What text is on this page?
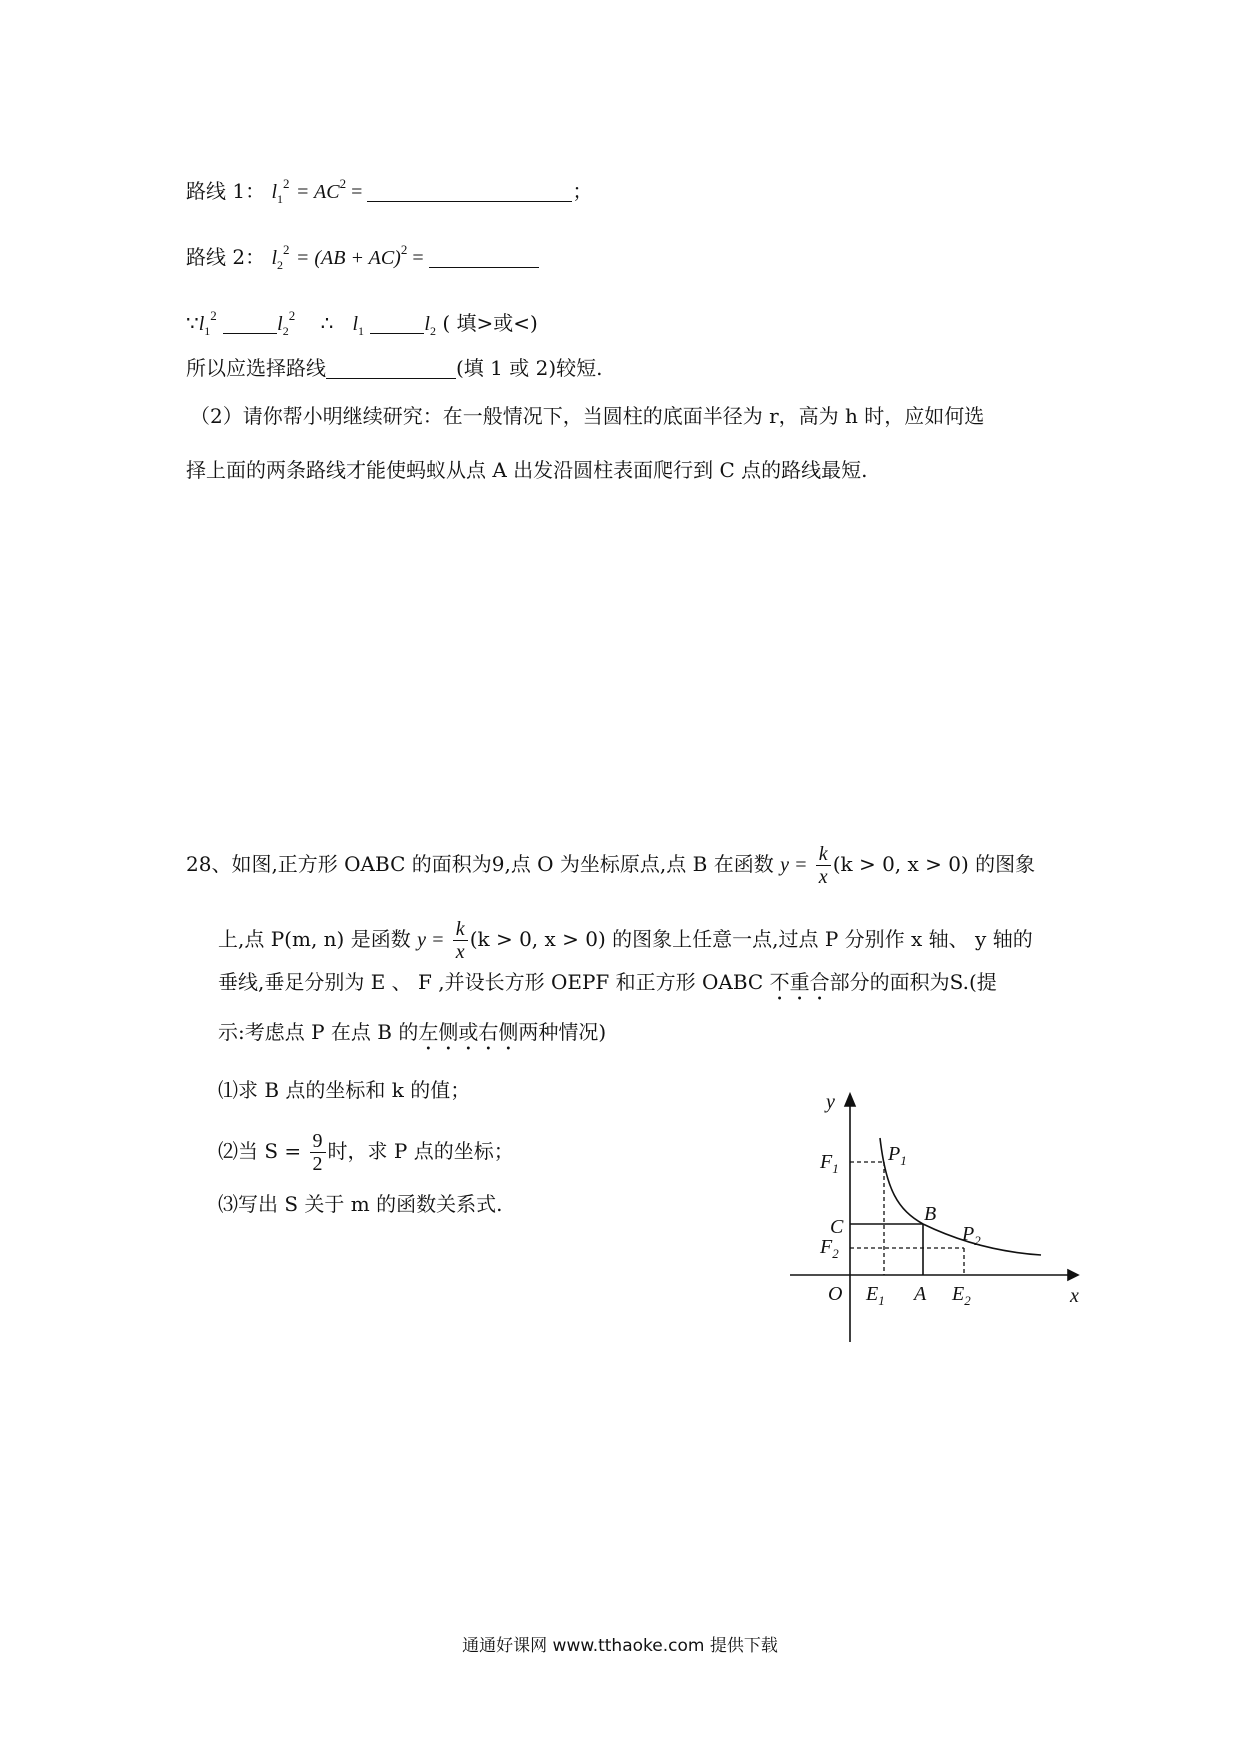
路线 1： $l_1^2 = AC^2$ =	；
路线 2： $l_2^2 = (AB + AC)^2$ =
$\because l_1^2$	$l_2^2$ ∴ $l_1$	$l_2$ ( 填>或<)
所以应选择路线	(填 1 或 2)较短.
（2）请你帮小明继续研究：在一般情况下，当圆柱的底面半径为 r，高为 h 时，应如何选
择上面的两条路线才能使蚂蚁从点 A 出发沿圆柱表面爬行到 C 点的路线最短.
28、如图,正方形 OABC 的面积为9,点 O 为坐标原点,点 B 在函数 $y = \frac{k}{x} (k > 0$, x > 0) 的图象
上,点 P(m, n) 是函数 $y = \frac{k}{x} (k > 0$, x > 0) 的图象上任意一点,过点 P 分别作 x 轴、 y 轴的
垂线,垂足分别为 E 、 F ,并设长方形 OEPF 和正方形 OABC 不重合部分的面积为S.(提
示:考虑点 P 在点 B 的左侧或右侧两种情况)
⑴求 B 点的坐标和 k 的值；
⑵当 $S = \frac{9}{2}$ 时，求 P 点的坐标；
⑶写出 S 关于 m 的函数关系式.
y
x
O	A
B
C
$E_1$	$E_2$
$F_1$
$F_2$
$P_1$
$P_2$
通通好课网 www.tthaoke.com 提供下载
